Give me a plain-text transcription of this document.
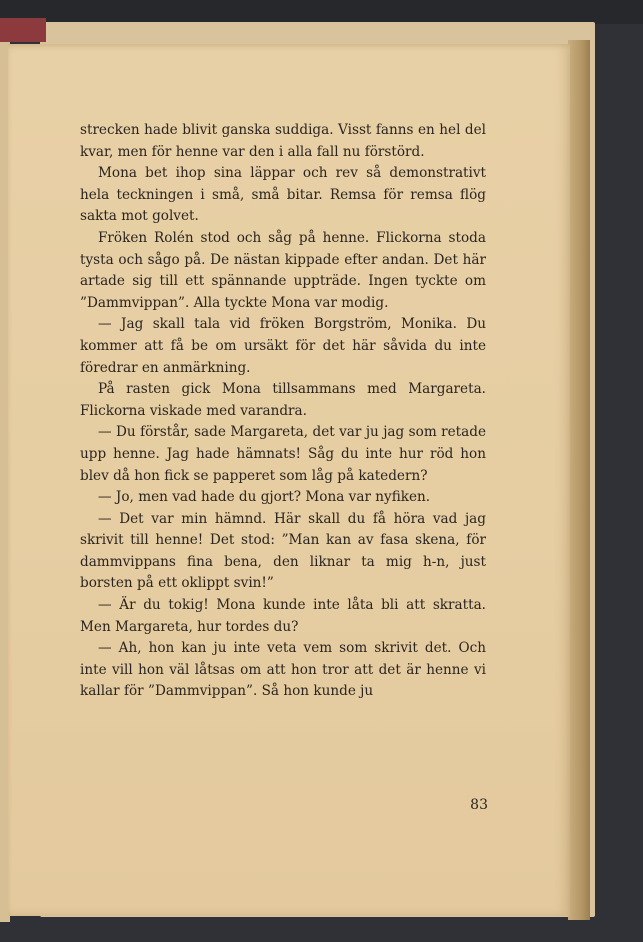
strecken hade blivit ganska suddiga. Visst fanns en hel del kvar, men för henne var den i alla fall nu förstörd.

Mona bet ihop sina läppar och rev så demonstrativt hela teckningen i små, små bitar. Remsa för remsa flög sakta mot golvet.

Fröken Rolén stod och såg på henne. Flickorna stoda tysta och sågo på. De nästan kippade efter andan. Det här artade sig till ett spännande uppträde. Ingen tyckte om ”Dammvippan”. Alla tyckte Mona var modig.

— Jag skall tala vid fröken Borgström, Monika. Du kommer att få be om ursäkt för det här såvida du inte föredrar en anmärkning.

På rasten gick Mona tillsammans med Margareta. Flickorna viskade med varandra.

— Du förstår, sade Margareta, det var ju jag som retade upp henne. Jag hade hämnats! Såg du inte hur röd hon blev då hon fick se papperet som låg på katedern?

— Jo, men vad hade du gjort? Mona var nyfiken.

— Det var min hämnd. Här skall du få höra vad jag skrivit till henne! Det stod: ”Man kan av fasa skena, för dammvippans fina bena, den liknar ta mig h-n, just borsten på ett oklippt svin!”

— Är du tokig! Mona kunde inte låta bli att skratta. Men Margareta, hur tordes du?

— Ah, hon kan ju inte veta vem som skrivit det. Och inte vill hon väl låtsas om att hon tror att det är henne vi kallar för ”Dammvippan”. Så hon kunde ju

83
